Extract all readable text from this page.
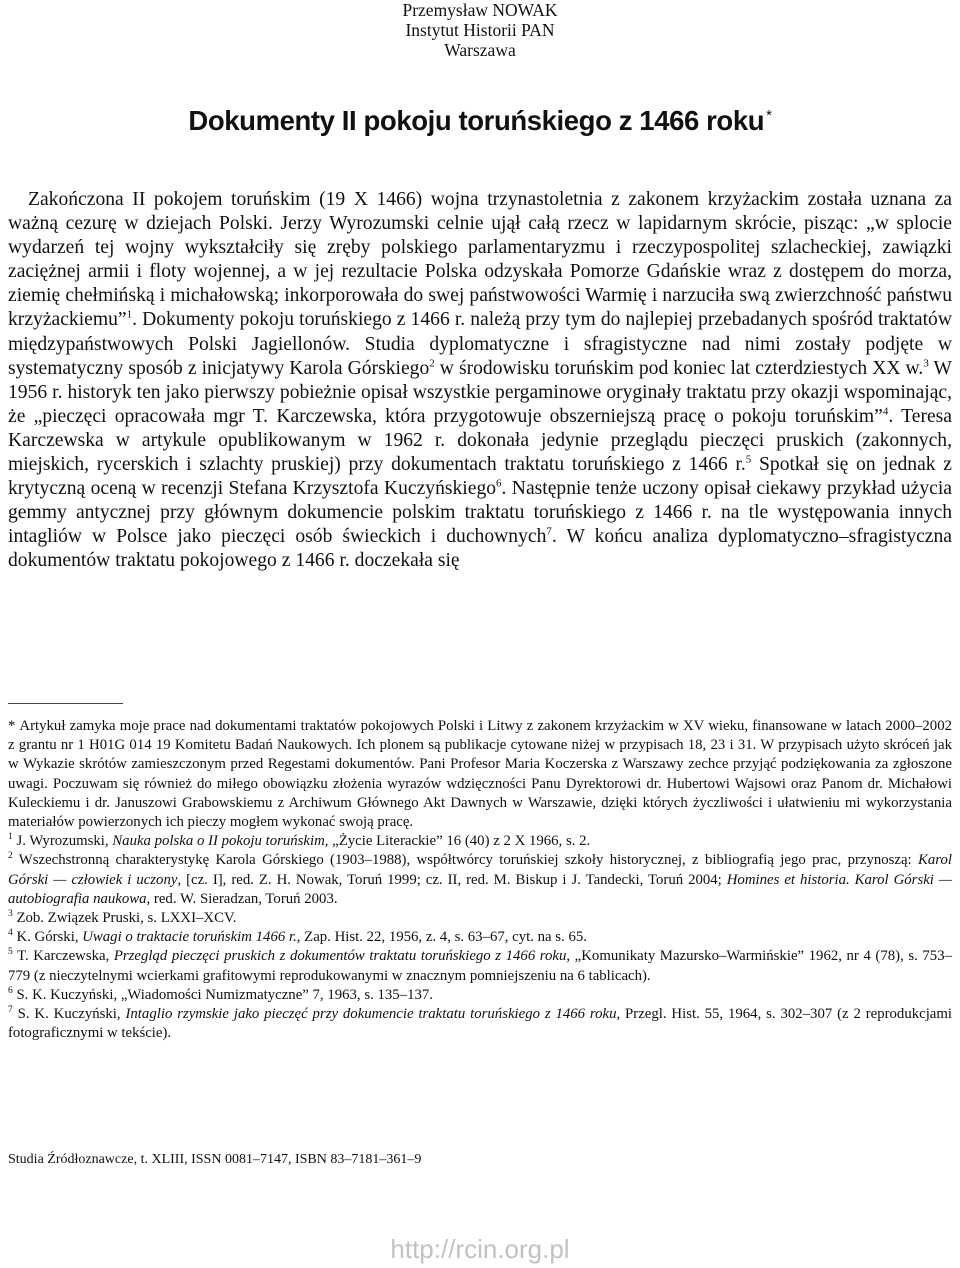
Przemysław NOWAK
Instytut Historii PAN
Warszawa
Dokumenty II pokoju toruńskiego z 1466 roku *

Zakończona II pokojem toruńskim (19 X 1466) wojna trzynastoletnia z zakonem krzyżackim została uznana za ważną cezurę w dziejach Polski. Jerzy Wyrozumski celnie ujął całą rzecz w lapidarnym skrócie, pisząc: „w splocie wydarzeń tej wojny wykształciły się zręby polskiego parlamentaryzmu i rzeczypospolitej szlacheckiej, zawiązki zaciężnej armii i floty wojennej, a w jej rezultacie Polska odzyskała Pomorze Gdańskie wraz z dostępem do morza, ziemię chełmińską i michałowską; inkorporowała do swej państwowości Warmię i narzuciła swą zwierzchność państwu krzyżackiemu”$^1$. Dokumenty pokoju toruńskiego z 1466 r. należą przy tym do najlepiej przebadanych spośród traktatów międzypaństwowych Polski Jagiellonów. Studia dyplomatyczne i sfragistyczne nad nimi zostały podjęte w systematyczny sposób z inicjatywy Karola Górskiego$^2$ w środowisku toruńskim pod koniec lat czterdziestych XX w.$^3$ W 1956 r. historyk ten jako pierwszy pobieżnie opisał wszystkie pergaminowe oryginały traktatu przy okazji wspominając, że „pieczęci opracowała mgr T. Karczewska, która przygotowuje obszerniejszą pracę o pokoju toruńskim”$^4$. Teresa Karczewska w artykule opublikowanym w 1962 r. dokonała jedynie przeglądu pieczęci pruskich (zakonnych, miejskich, rycerskich i szlachty pruskiej) przy dokumentach traktatu toruńskiego z 1466 r.$^5$ Spotkał się on jednak z krytyczną oceną w recenzji Stefana Krzysztofa Kuczyńskiego$^6$. Następnie tenże uczony opisał ciekawy przykład użycia gemmy antycznej przy głównym dokumencie polskim traktatu toruńskiego z 1466 r. na tle występowania innych intagliów w Polsce jako pieczęci osób świeckich i duchownych$^7$. W końcu analiza dyplomatyczno–sfragistyczna dokumentów traktatu pokojowego z 1466 r. doczekała się

* Artykuł zamyka moje prace nad dokumentami traktatów pokojowych Polski i Litwy z zakonem krzyżackim w XV wieku, finansowane w latach 2000–2002 z grantu nr 1 H01G 014 19 Komitetu Badań Naukowych. Ich plonem są publikacje cytowane niżej w przypisach 18, 23 i 31. W przypisach użyto skróceń jak w Wykazie skrótów zamieszczonym przed Regestami dokumentów. Pani Profesor Maria Koczerska z Warszawy zechce przyjąć podziękowania za zgłoszone uwagi. Poczuwam się również do miłego obowiązku złożenia wyrazów wdzięczności Panu Dyrektorowi dr. Hubertowi Wajsowi oraz Panom dr. Michałowi Kuleckiemu i dr. Januszowi Grabowskiemu z Archiwum Głównego Akt Dawnych w Warszawie, dzięki których życzliwości i ułatwieniu mi wykorzystania materiałów powierzonych ich pieczy mogłem wykonać swoją pracę.

$^1$ J. Wyrozumski, Nauka polska o II pokoju toruńskim, „Życie Literackie” 16 (40) z 2 X 1966, s. 2.

$^2$ Wszechstronną charakterystykę Karola Górskiego (1903–1988), współtwórcy toruńskiej szkoły historycznej, z bibliografią jego prac, przynoszą: Karol Górski — człowiek i uczony, [cz. I], red. Z. H. Nowak, Toruń 1999; cz. II, red. M. Biskup i J. Tandecki, Toruń 2004; Homines et historia. Karol Górski — autobiografia naukowa, red. W. Sieradzan, Toruń 2003.

$^3$ Zob. Związek Pruski, s. LXXI–XCV.

$^4$ K. Górski, Uwagi o traktacie toruńskim 1466 r., Zap. Hist. 22, 1956, z. 4, s. 63–67, cyt. na s. 65.

$^5$ T. Karczewska, Przegląd pieczęci pruskich z dokumentów traktatu toruńskiego z 1466 roku, „Komunikaty Mazursko–Warmińskie” 1962, nr 4 (78), s. 753–779 (z nieczytelnymi wcierkami grafitowymi reprodukowanymi w znacznym pomniejszeniu na 6 tablicach).

$^6$ S. K. Kuczyński, „Wiadomości Numizmatyczne” 7, 1963, s. 135–137.

$^7$ S. K. Kuczyński, Intaglio rzymskie jako pieczęć przy dokumencie traktatu toruńskiego z 1466 roku, Przegl. Hist. 55, 1964, s. 302–307 (z 2 reprodukcjami fotograficznymi w tekście).

Studia Źródłoznawcze, t. XLIII, ISSN 0081–7147, ISBN 83–7181–361–9
http://rcin.org.pl
